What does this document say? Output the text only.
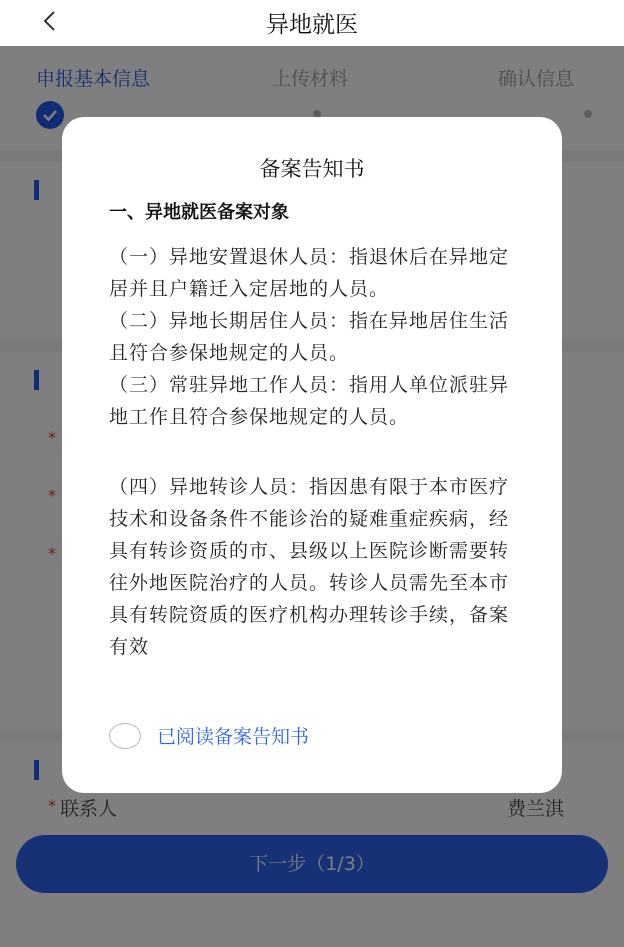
异地就医
备案告知书
一、异地就医备案对象
（一）异地安置退休人员：指退休后在异地定居并且户籍迁入定居地的人员。
（二）异地长期居住人员：指在异地居住生活且符合参保地规定的人员。
（三）常驻异地工作人员：指用人单位派驻异地工作且符合参保地规定的人员。
（四）异地转诊人员：指因患有限于本市医疗技术和设备条件不能诊治的疑难重症疾病，经具有转诊资质的市、县级以上医院诊断需要转往外地医院治疗的人员。转诊人员需先至本市具有转院资质的医疗机构办理转诊手续，备案有效
已阅读备案告知书
